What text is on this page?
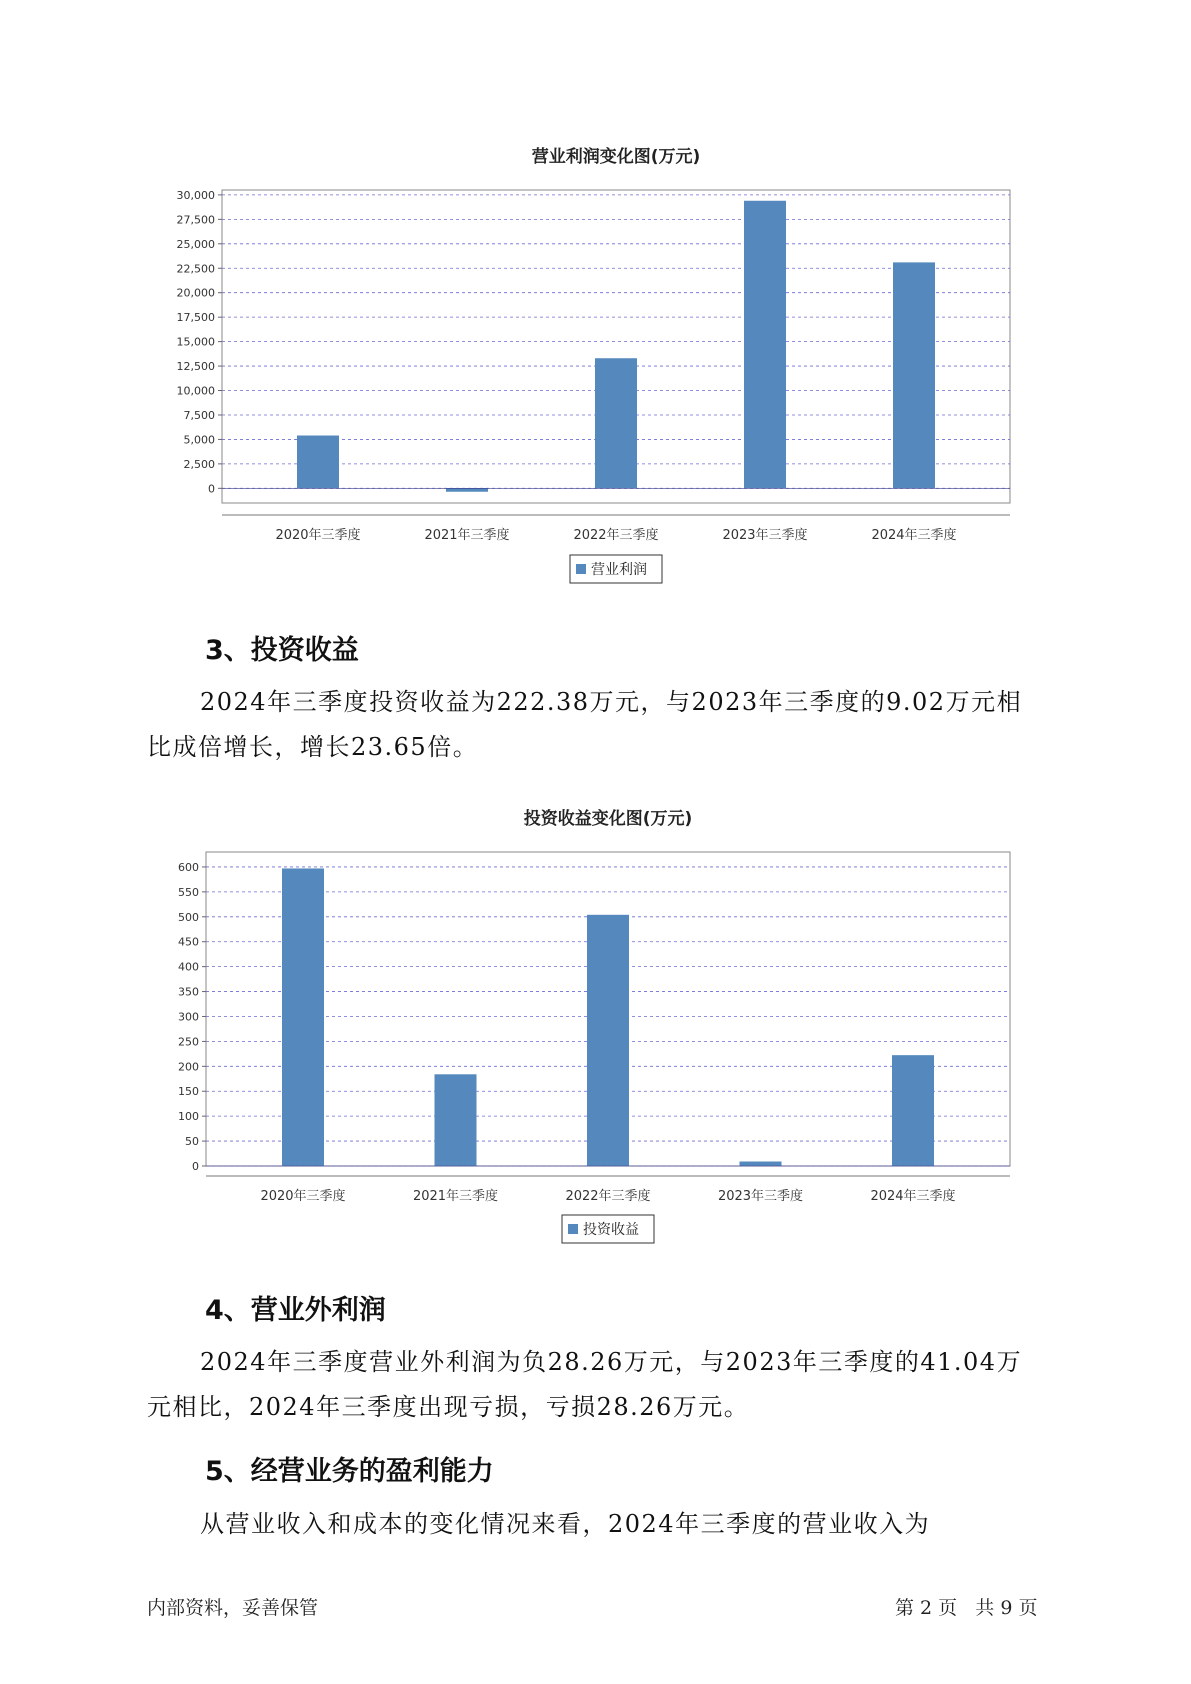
营业利润变化图(万元)
0
2,500
5,000
7,500
10,000
12,500
15,000
17,500
20,000
22,500
25,000
27,500
30,000
2020年三季度	2021年三季度	2022年三季度	2023年三季度	2024年三季度
营业利润
3、投资收益

2024年三季度投资收益为222.38万元，与2023年三季度的9.02万元相比成倍增长，增长23.65倍。

投资收益变化图(万元)
0
50
100
150
200
250
300
350
400
450
500
550
600
2020年三季度	2021年三季度	2022年三季度	2023年三季度	2024年三季度
投资收益
4、营业外利润

2024年三季度营业外利润为负28.26万元，与2023年三季度的41.04万元相比，2024年三季度出现亏损，亏损28.26万元。

5、经营业务的盈利能力

从营业收入和成本的变化情况来看，2024年三季度的营业收入为

内部资料，妥善保管	第 2 页   共 9 页
